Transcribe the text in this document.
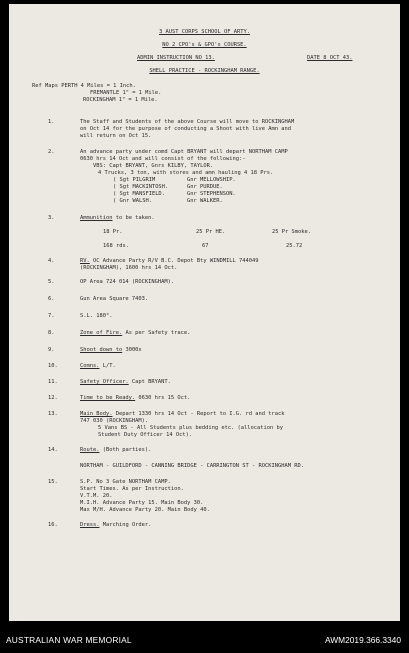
3 AUST CORPS SCHOOL OF ARTY.
NO 2 CPO's & GPO's COURSE.
ADMIN INSTRUCTION NO 13.	DATE 8 OCT 43.
SHELL PRACTICE - ROCKINGHAM RANGE.
Ref Maps PERTH 4 Miles = 1 Inch.
FREMANTLE 1" = 1 Mile.
ROCKINGHAM 1" = 1 Mile.
1.	The Staff and Students of the above Course will move to ROCKINGHAM
on Oct 14 for the purpose of conducting a Shoot with live Amn and
will return on Oct 15.
2.	An advance party under comd Capt BRYANT will depart NORTHAM CAMP
0630 hrs 14 Oct and will consist of the following:-
VBS: Capt BRYANT, Gnrs KILBY, TAYLOR.
4 Trucks, 3 ton, with stores and amn hauling 4 18 Prs.
( Sgt PILGRIM	Gnr MELLOWSHIP.
( Sgt MACKINTOSH.	Gnr PURDUE.
( Sgt MANSFIELD.	Gnr STEPHENSON.
( Gnr WALSH.	Gnr WALKER.
3.	Ammunition to be taken.
18 Pr.	25 Pr HE.	25 Pr Smoke.
168 rds.	67	25.72
4.	RV. OC Advance Party R/V B.C. Depot Bty WINDMILL 744049
(ROCKINGHAM), 1600 hrs 14 Oct.
5.	OP Area 724 014 (ROCKINGHAM).
6.	Gun Area Square 7403.
7.	S.L. 180°.
8.	Zone of Fire. As per Safety trace.
9.	Shoot down to 3000x
10.	Comns. L/T.
11.	Safety Officer. Capt BRYANT.
12.	Time to be Ready. 0630 hrs 15 Oct.
13.	Main Body. Depart 1330 hrs 14 Oct - Report to I.G. rd and track
747 030 (ROCKINGHAM).
5 Vans BS - All Students plus bedding etc. (allocation by
Student Duty Officer 14 Oct).
14.	Route. (Both parties).
NORTHAM - GUILDFORD - CANNING BRIDGE - CARRINGTON ST - ROCKINGHAM RD.
15.	S.P. No 3 Gate NORTHAM CAMP.
Start Times. As per Instruction.
V.T.M. 20.
M.I.H. Advance Party 15. Main Body 30.
Max M/H. Advance Party 20. Main Body 40.
16.	Dress. Marching Order.
AUSTRALIAN WAR MEMORIAL	AWM2019.366.3340
